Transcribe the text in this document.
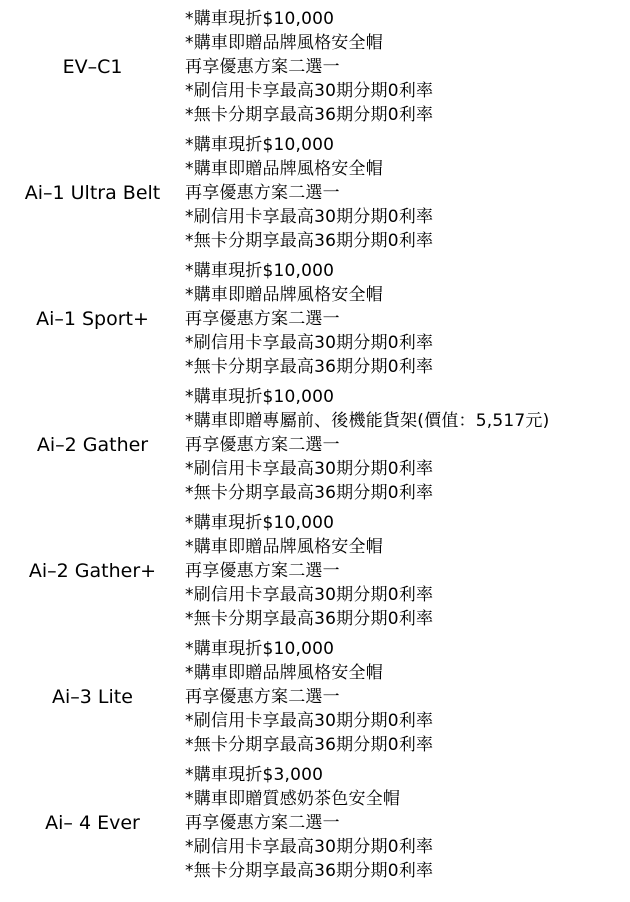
EV–C1
*購車現折$10,000
*購車即贈品牌風格安全帽
再享優惠方案二選一
*刷信用卡享最高30期分期0利率
*無卡分期享最高36期分期0利率
Ai–1 Ultra Belt
*購車現折$10,000
*購車即贈品牌風格安全帽
再享優惠方案二選一
*刷信用卡享最高30期分期0利率
*無卡分期享最高36期分期0利率
Ai–1 Sport+
*購車現折$10,000
*購車即贈品牌風格安全帽
再享優惠方案二選一
*刷信用卡享最高30期分期0利率
*無卡分期享最高36期分期0利率
Ai–2 Gather
*購車現折$10,000
*購車即贈專屬前、後機能貨架(價值：5,517元)
再享優惠方案二選一
*刷信用卡享最高30期分期0利率
*無卡分期享最高36期分期0利率
Ai–2 Gather+
*購車現折$10,000
*購車即贈品牌風格安全帽
再享優惠方案二選一
*刷信用卡享最高30期分期0利率
*無卡分期享最高36期分期0利率
Ai–3 Lite
*購車現折$10,000
*購車即贈品牌風格安全帽
再享優惠方案二選一
*刷信用卡享最高30期分期0利率
*無卡分期享最高36期分期0利率
Ai– 4 Ever
*購車現折$3,000
*購車即贈質感奶茶色安全帽
再享優惠方案二選一
*刷信用卡享最高30期分期0利率
*無卡分期享最高36期分期0利率
